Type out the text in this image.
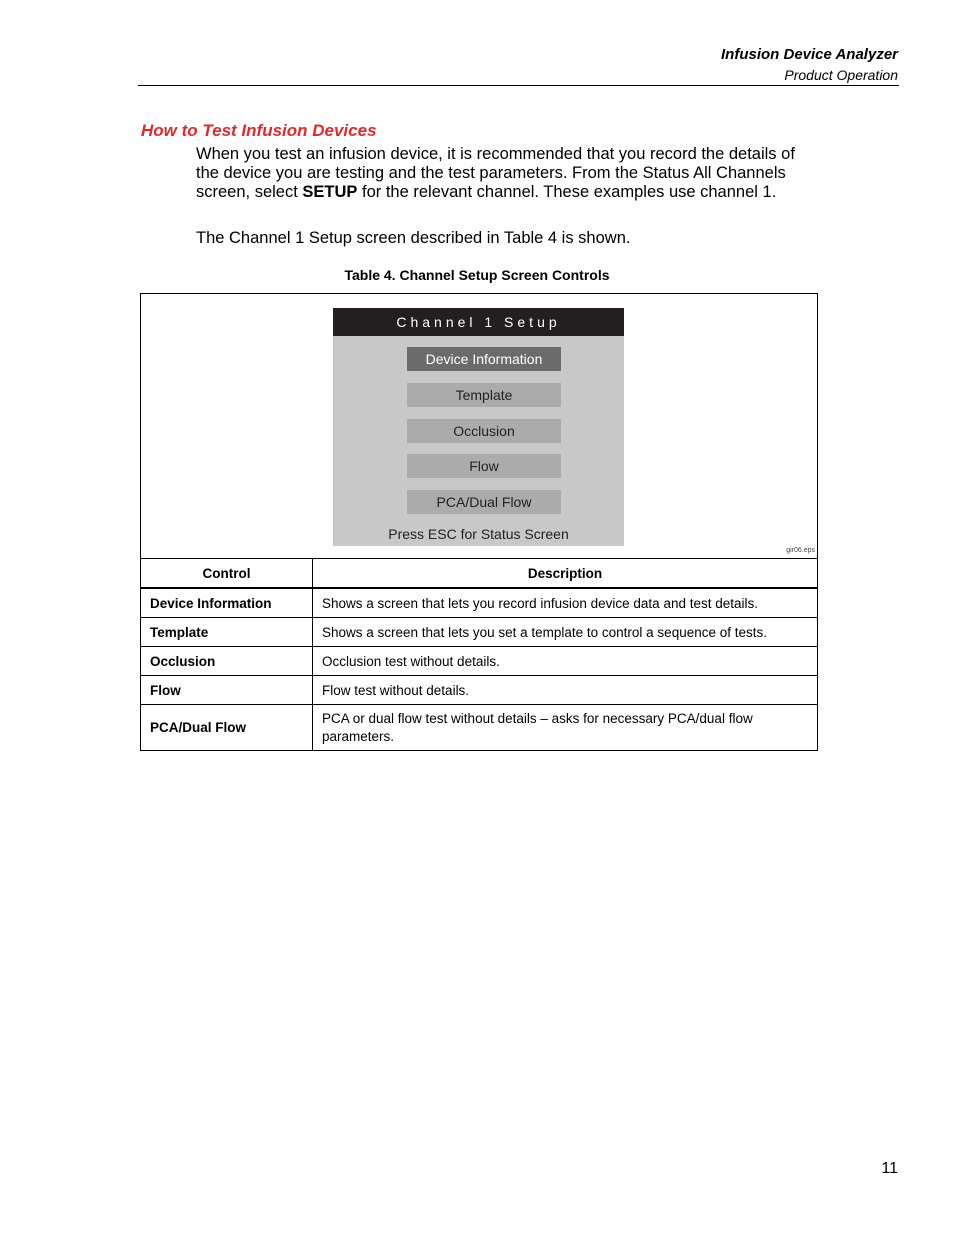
Infusion Device Analyzer
Product Operation
How to Test Infusion Devices
When you test an infusion device, it is recommended that you record the details of the device you are testing and the test parameters. From the Status All Channels screen, select SETUP for the relevant channel. These examples use channel 1.
The Channel 1 Setup screen described in Table 4 is shown.
Table 4. Channel Setup Screen Controls
Channel 1 Setup
Device Information
Template
Occlusion
Flow
PCA/Dual Flow
Press ESC for Status Screen
gir06.eps
Control	Description
Device Information	Shows a screen that lets you record infusion device data and test details.
Template	Shows a screen that lets you set a template to control a sequence of tests.
Occlusion	Occlusion test without details.
Flow	Flow test without details.
PCA/Dual Flow	PCA or dual flow test without details – asks for necessary PCA/dual flow parameters.
11
